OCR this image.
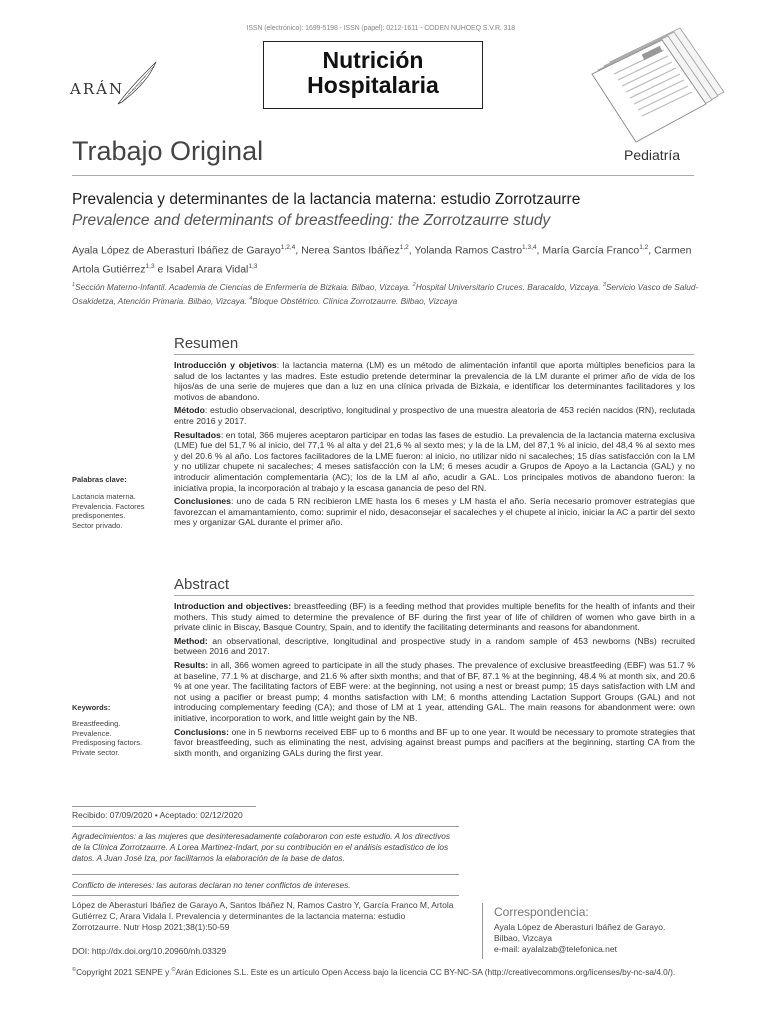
ISSN (electrónico): 1699-5198 - ISSN (papel): 0212-1611 - CODEN NUHOEQ S.V.R. 318
Nutrición
Hospitalaria
ARÁN
Trabajo Original	Pediatría
Prevalencia y determinantes de la lactancia materna: estudio Zorrotzaurre
Prevalence and determinants of breastfeeding: the Zorrotzaurre study
Ayala López de Aberasturi Ibáñez de Garayo$^{1,2,4}$, Nerea Santos Ibáñez$^{1,2}$, Yolanda Ramos Castro$^{1,3,4}$, María García Franco$^{1,2}$, Carmen Artola Gutiérrez$^{1,3}$ e Isabel Arara Vidal$^{1,3}$
$^1$Sección Materno-Infantil. Academia de Ciencias de Enfermería de Bizkaia. Bilbao, Vizcaya. $^2$Hospital Universitario Cruces. Baracaldo, Vizcaya. $^3$Servicio Vasco de Salud-Osakidetza, Atención Primaria. Bilbao, Vizcaya. $^4$Bloque Obstétrico. Clínica Zorrotzaurre. Bilbao, Vizcaya
Resumen

Introducción y objetivos: la lactancia materna (LM) es un método de alimentación infantil que aporta múltiples beneficios para la salud de los lactantes y las madres. Este estudio pretende determinar la prevalencia de la LM durante el primer año de vida de los hijos/as de una serie de mujeres que dan a luz en una clínica privada de Bizkaia, e identificar los determinantes facilitadores y los motivos de abandono.

Método: estudio observacional, descriptivo, longitudinal y prospectivo de una muestra aleatoria de 453 recién nacidos (RN), reclutada entre 2016 y 2017.

Resultados: en total, 366 mujeres aceptaron participar en todas las fases de estudio. La prevalencia de la lactancia materna exclusiva (LME) fue del 51,7 % al inicio, del 77,1 % al alta y del 21,6 % al sexto mes; y la de la LM, del 87,1 % al inicio, del 48,4 % al sexto mes y del 20.6 % al año. Los factores facilitadores de la LME fueron: al inicio, no utilizar nido ni sacaleches; 15 días satisfacción con la LM y no utilizar chupete ni sacaleches; 4 meses satisfacción con la LM; 6 meses acudir a Grupos de Apoyo a la Lactancia (GAL) y no introducir alimentación complementaria (AC); los de la LM al año, acudir a GAL. Los principales motivos de abandono fueron: la iniciativa propia, la incorporación al trabajo y la escasa ganancia de peso del RN.

Conclusiones: uno de cada 5 RN recibieron LME hasta los 6 meses y LM hasta el año. Sería necesario promover estrategias que favorezcan el amamantamiento, como: suprimir el nido, desaconsejar el sacaleches y el chupete al inicio, iniciar la AC a partir del sexto mes y organizar GAL durante el primer año.

Palabras clave:
Lactancia materna.
Prevalencia. Factores predisponentes.
Sector privado.
Abstract

Introduction and objectives: breastfeeding (BF) is a feeding method that provides multiple benefits for the health of infants and their mothers. This study aimed to determine the prevalence of BF during the first year of life of children of women who gave birth in a private clinic in Biscay, Basque Country, Spain, and to identify the facilitating determinants and reasons for abandonment.

Method: an observational, descriptive, longitudinal and prospective study in a random sample of 453 newborns (NBs) recruited between 2016 and 2017.

Results: in all, 366 women agreed to participate in all the study phases. The prevalence of exclusive breastfeeding (EBF) was 51.7 % at baseline, 77.1 % at discharge, and 21.6 % after sixth months; and that of BF, 87.1 % at the beginning, 48.4 % at month six, and 20.6 % at one year. The facilitating factors of EBF were: at the beginning, not using a nest or breast pump; 15 days satisfaction with LM and not using a pacifier or breast pump; 4 months satisfaction with LM; 6 months attending Lactation Support Groups (GAL) and not introducing complementary feeding (CA); and those of LM at 1 year, attending GAL. The main reasons for abandonment were: own initiative, incorporation to work, and little weight gain by the NB.

Conclusions: one in 5 newborns received EBF up to 6 months and BF up to one year. It would be necessary to promote strategies that favor breastfeeding, such as eliminating the nest, advising against breast pumps and pacifiers at the beginning, starting CA from the sixth month, and organizing GALs during the first year.

Keywords:
Breastfeeding.
Prevalence.
Predisposing factors.
Private sector.
Recibido: 07/09/2020 • Aceptado: 02/12/2020
Agradecimientos: a las mujeres que desinteresadamente colaboraron con este estudio. A los directivos de la Clínica Zorrotzaurre. A Lorea Martinez-Indart, por su contribución en el análisis estadístico de los datos. A Juan José Iza, por facilitarnos la elaboración de la base de datos.
Conflicto de intereses: las autoras declaran no tener conflictos de intereses.
López de Aberasturi Ibáñez de Garayo A, Santos Ibáñez N, Ramos Castro Y, García Franco M, Artola Gutiérrez C, Arara Vidala I. Prevalencia y determinantes de la lactancia materna: estudio Zorrotzaurre. Nutr Hosp 2021;38(1):50-59
DOI: http://dx.doi.org/10.20960/nh.03329
Correspondencia:
Ayala López de Aberasturi Ibáñez de Garayo.
Bilbao, Vizcaya
e-mail: ayalalzab@telefonica.net
©Copyright 2021 SENPE y ©Arán Ediciones S.L. Este es un artículo Open Access bajo la licencia CC BY-NC-SA (http://creativecommons.org/licenses/by-nc-sa/4.0/).
